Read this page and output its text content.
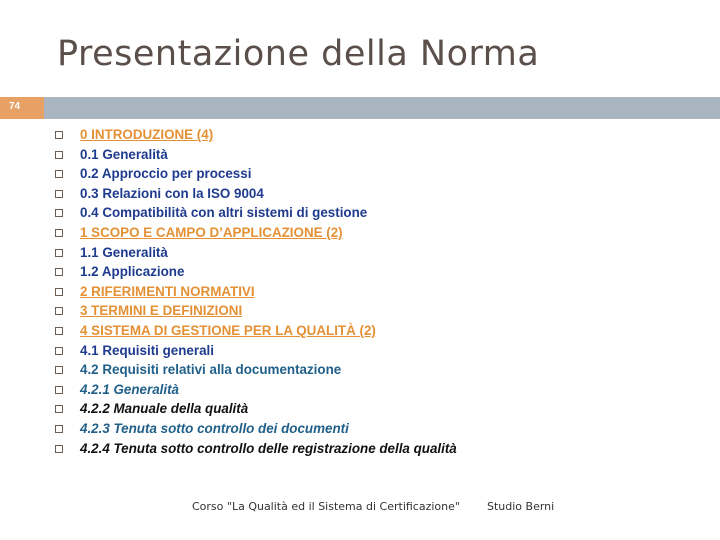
Presentazione della Norma
74
0 INTRODUZIONE (4)
0.1 Generalità
0.2 Approccio per processi
0.3 Relazioni con la ISO 9004
0.4 Compatibilità con altri sistemi di gestione
1 SCOPO E CAMPO D’APPLICAZIONE (2)
1.1 Generalità
1.2 Applicazione
2 RIFERIMENTI NORMATIVI
3 TERMINI E DEFINIZIONI
4 SISTEMA DI GESTIONE PER LA QUALITÀ (2)
4.1 Requisiti generali
4.2 Requisiti relativi alla documentazione
4.2.1 Generalità
4.2.2 Manuale della qualità
4.2.3 Tenuta sotto controllo dei documenti
4.2.4 Tenuta sotto controllo delle registrazione della qualità
Corso "La Qualità ed il Sistema di Certificazione" Studio Berni
